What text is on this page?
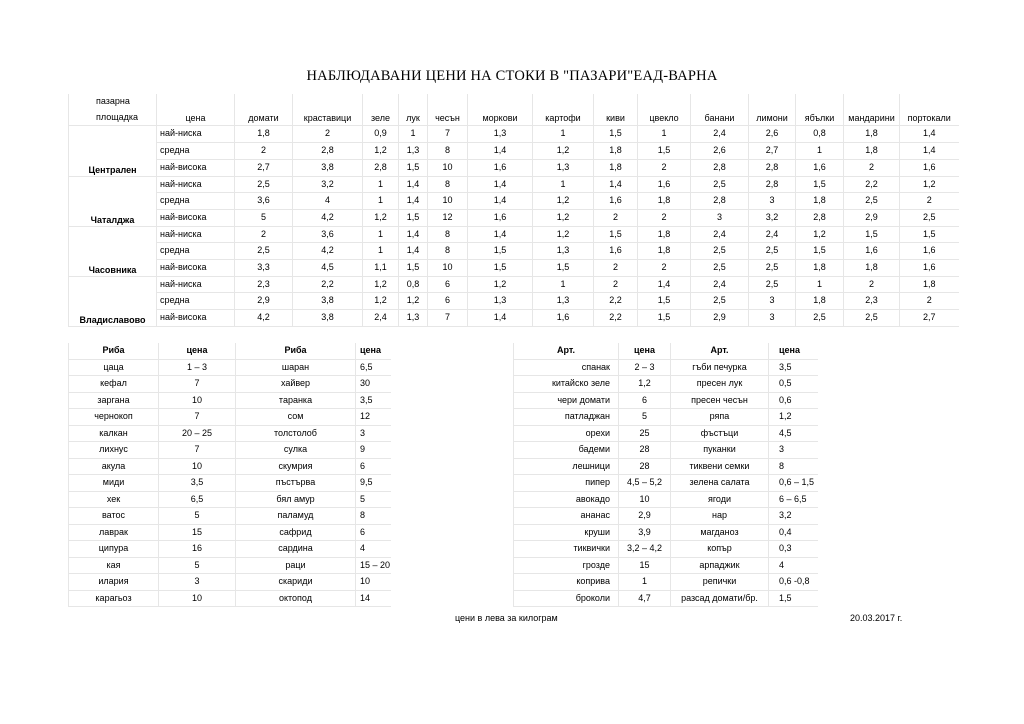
НАБЛЮДАВАНИ ЦЕНИ НА СТОКИ В "ПАЗАРИ"ЕАД-ВАРНА
пазарна	цена	домати	краставици	зеле	лук	чесън	моркови	картофи	киви	цвекло	банани	лимони	ябълки	мандарини	портокали
площадка															
Централен	най-ниска	1,8	2	0,9	1	7	1,3	1	1,5	1	2,4	2,6	0,8	1,8	1,4
	средна	2	2,8	1,2	1,3	8	1,4	1,2	1,8	1,5	2,6	2,7	1	1,8	1,4
	най-висока	2,7	3,8	2,8	1,5	10	1,6	1,3	1,8	2	2,8	2,8	1,6	2	1,6
Чаталджа	най-ниска	2,5	3,2	1	1,4	8	1,4	1	1,4	1,6	2,5	2,8	1,5	2,2	1,2
	средна	3,6	4	1	1,4	10	1,4	1,2	1,6	1,8	2,8	3	1,8	2,5	2
	най-висока	5	4,2	1,2	1,5	12	1,6	1,2	2	2	3	3,2	2,8	2,9	2,5
Часовника	най-ниска	2	3,6	1	1,4	8	1,4	1,2	1,5	1,8	2,4	2,4	1,2	1,5	1,5
	средна	2,5	4,2	1	1,4	8	1,5	1,3	1,6	1,8	2,5	2,5	1,5	1,6	1,6
	най-висока	3,3	4,5	1,1	1,5	10	1,5	1,5	2	2	2,5	2,5	1,8	1,8	1,6
Владиславово	най-ниска	2,3	2,2	1,2	0,8	6	1,2	1	2	1,4	2,4	2,5	1	2	1,8
	средна	2,9	3,8	1,2	1,2	6	1,3	1,3	2,2	1,5	2,5	3	1,8	2,3	2
	най-висока	4,2	3,8	2,4	1,3	7	1,4	1,6	2,2	1,5	2,9	3	2,5	2,5	2,7
Риба	цена	Риба	цена
цаца	1 – 3	шаран	6,5
кефал	7	хайвер	30
заргана	10	таранка	3,5
чернокоп	7	сом	12
калкан	20 – 25	толстолоб	3
лихнус	7	сулка	9
акула	10	скумрия	6
миди	3,5	пъстърва	9,5
хек	6,5	бял амур	5
ватос	5	паламуд	8
лаврак	15	сафрид	6
ципура	16	сардина	4
кая	5	раци	15 – 20
илария	3	скариди	10
карагьоз	10	октопод	14
Арт.	цена	Арт.	цена
спанак	2 – 3	гъби печурка	3,5
китайско зеле	1,2	пресен лук	0,5
чери домати	6	пресен чесън	0,6
патладжан	5	ряпа	1,2
орехи	25	фъстъци	4,5
бадеми	28	пуканки	3
лешници	28	тиквени семки	8
пипер	4,5 – 5,2	зелена салата	0,6 – 1,5
авокадо	10	ягоди	6 – 6,5
ананас	2,9	нар	3,2
круши	3,9	магданоз	0,4
тиквички	3,2 – 4,2	копър	0,3
грозде	15	арпаджик	4
коприва	1	репички	0,6 -0,8
броколи	4,7	разсад домати/бр.	1,5
цени в лева за килограм	20.03.2017 г.
